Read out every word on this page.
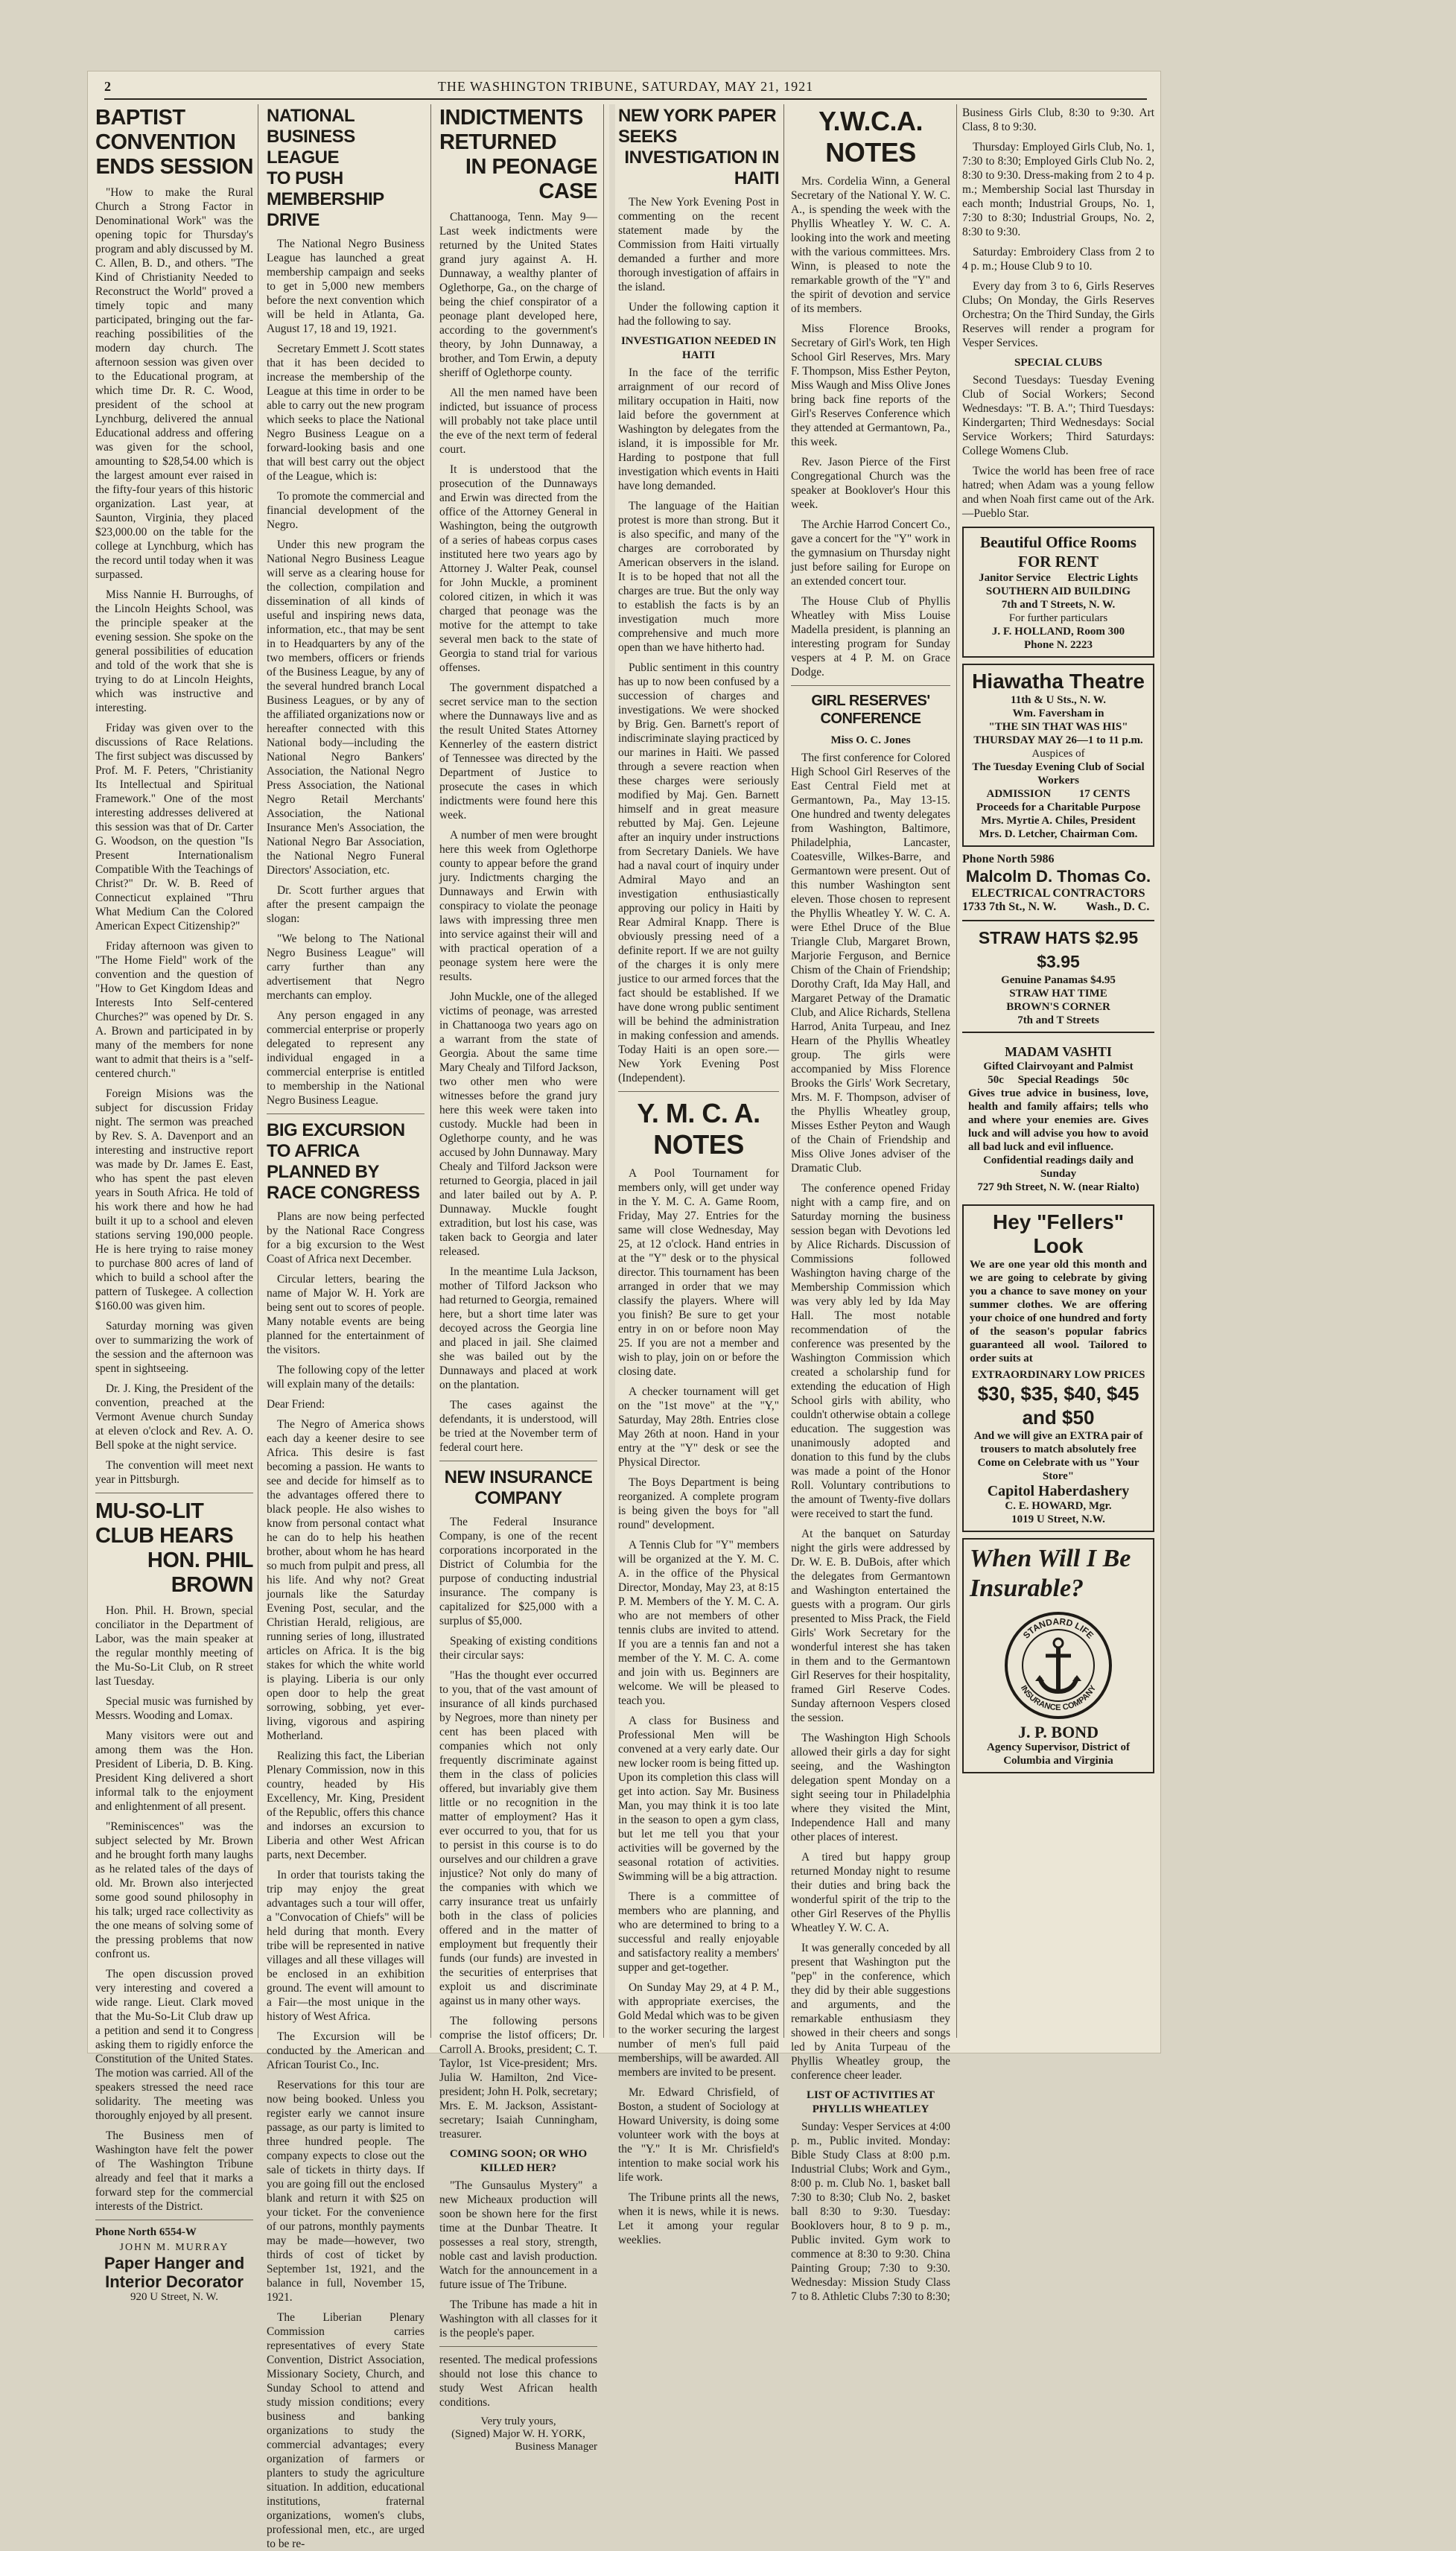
2	THE WASHINGTON TRIBUNE, SATURDAY, MAY 21, 1921
BAPTIST CONVENTION
ENDS SESSION

"How to make the Rural Church a Strong Factor in Denominational Work" was the opening topic for Thursday's program and ably discussed by M. C. Allen, B. D., and others. "The Kind of Christianity Needed to Reconstruct the World" proved a timely topic and many participated, bringing out the far-reaching possibilities of the modern day church. The afternoon session was given over to the Educational program, at which time Dr. R. C. Wood, president of the school at Lynchburg, delivered the annual Educational address and offering was given for the school, amounting to $28,54.00 which is the largest amount ever raised in the fifty-four years of this historic organization. Last year, at Saunton, Virginia, they placed $23,000.00 on the table for the college at Lynchburg, which has the record until today when it was surpassed.

Miss Nannie H. Burroughs, of the Lincoln Heights School, was the principle speaker at the evening session. She spoke on the general possibilities of education and told of the work that she is trying to do at Lincoln Heights, which was instructive and interesting.

Friday was given over to the discussions of Race Relations. The first subject was discussed by Prof. M. F. Peters, "Christianity Its Intellectual and Spiritual Framework." One of the most interesting addresses delivered at this session was that of Dr. Carter G. Woodson, on the question "Is Present Internationalism Compatible With the Teachings of Christ?" Dr. W. B. Reed of Connecticut explained "Thru What Medium Can the Colored American Expect Citizenship?"

Friday afternoon was given to "The Home Field" work of the convention and the question of "How to Get Kingdom Ideas and Interests Into Self-centered Churches?" was opened by Dr. S. A. Brown and participated in by many of the members for none want to admit that theirs is a "self-centered church."

Foreign Misions was the subject for discussion Friday night. The sermon was preached by Rev. S. A. Davenport and an interesting and instructive report was made by Dr. James E. East, who has spent the past eleven years in South Africa. He told of his work there and how he had built it up to a school and eleven stations serving 190,000 people. He is here trying to raise money to purchase 800 acres of land of which to build a school after the pattern of Tuskegee. A collection $160.00 was given him.

Saturday morning was given over to summarizing the work of the session and the afternoon was spent in sightseeing.

Dr. J. King, the President of the convention, preached at the Vermont Avenue church Sunday at eleven o'clock and Rev. A. O. Bell spoke at the night service.

The convention will meet next year in Pittsburgh.

MU-SO-LIT CLUB HEARS
HON. PHIL BROWN

Hon. Phil. H. Brown, special conciliator in the Department of Labor, was the main speaker at the regular monthly meeting of the Mu-So-Lit Club, on R street last Tuesday.

Special music was furnished by Messrs. Wooding and Lomax.

Many visitors were out and among them was the Hon. President of Liberia, D. B. King. President King delivered a short informal talk to the enjoyment and enlightenment of all present.

"Reminiscences" was the subject selected by Mr. Brown and he brought forth many laughs as he related tales of the days of old. Mr. Brown also interjected some good sound philosophy in his talk; urged race collectivity as the one means of solving some of the pressing problems that now confront us.

The open discussion proved very interesting and covered a wide range. Lieut. Clark moved that the Mu-So-Lit Club draw up a petition and send it to Congress asking them to rigidly enforce the Constitution of the United States. The motion was carried. All of the speakers stressed the need race solidarity. The meeting was thoroughly enjoyed by all present.

The Business men of Washington have felt the power of The Washington Tribune already and feel that it marks a forward step for the commercial interests of the District.

Phone North 6554-W
JOHN M. MURRAY
Paper Hanger and Interior Decorator
920 U Street, N. W.
NATIONAL BUSINESS LEAGUE
TO PUSH MEMBERSHIP DRIVE

The National Negro Business League has launched a great membership campaign and seeks to get in 5,000 new members before the next convention which will be held in Atlanta, Ga. August 17, 18 and 19, 1921.

Secretary Emmett J. Scott states that it has been decided to increase the membership of the League at this time in order to be able to carry out the new program which seeks to place the National Negro Business League on a forward-looking basis and one that will best carry out the object of the League, which is:

To promote the commercial and financial development of the Negro.

Under this new program the National Negro Business League will serve as a clearing house for the collection, compilation and dissemination of all kinds of useful and inspiring news data, information, etc., that may be sent in to Headquarters by any of the two members, officers or friends of the Business League, by any of the several hundred branch Local Business Leagues, or by any of the affiliated organizations now or hereafter connected with this National body—including the National Negro Bankers' Association, the National Negro Press Association, the National Negro Retail Merchants' Association, the National Insurance Men's Association, the National Negro Bar Association, the National Negro Funeral Directors' Association, etc.

Dr. Scott further argues that after the present campaign the slogan:

"We belong to The National Negro Business League" will carry further than any advertisement that Negro merchants can employ.

Any person engaged in any commercial enterprise or properly delegated to represent any individual engaged in a commercial enterprise is entitled to membership in the National Negro Business League.

BIG EXCURSION TO AFRICA
PLANNED BY RACE CONGRESS

Plans are now being perfected by the National Race Congress for a big excursion to the West Coast of Africa next December.

Circular letters, bearing the name of Major W. H. York are being sent out to scores of people. Many notable events are being planned for the entertainment of the visitors.

The following copy of the letter will explain many of the details:

Dear Friend:

The Negro of America shows each day a keener desire to see Africa. This desire is fast becoming a passion. He wants to see and decide for himself as to the advantages offered there to black people. He also wishes to know from personal contact what he can do to help his heathen brother, about whom he has heard so much from pulpit and press, all his life. And why not? Great journals like the Saturday Evening Post, secular, and the Christian Herald, religious, are running series of long, illustrated articles on Africa. It is the big stakes for which the white world is playing. Liberia is our only open door to help the great sorrowing, sobbing, yet ever-living, vigorous and aspiring Motherland.

Realizing this fact, the Liberian Plenary Commission, now in this country, headed by His Excellency, Mr. King, President of the Republic, offers this chance and indorses an excursion to Liberia and other West African parts, next December.

In order that tourists taking the trip may enjoy the great advantages such a tour will offer, a "Convocation of Chiefs" will be held during that month. Every tribe will be represented in native villages and all these villages will be enclosed in an exhibition ground. The event will amount to a Fair—the most unique in the history of West Africa.

The Excursion will be conducted by the American and African Tourist Co., Inc.

Reservations for this tour are now being booked. Unless you register early we cannot insure passage, as our party is limited to three hundred people. The company expects to close out the sale of tickets in thirty days. If you are going fill out the enclosed blank and return it with $25 on your ticket. For the convenience of our patrons, monthly payments may be made—however, two thirds of cost of ticket by September 1st, 1921, and the balance in full, November 15, 1921.

The Liberian Plenary Commission carries representatives of every State Convention, District Association, Missionary Society, Church, and Sunday School to attend and study mission conditions; every business and banking organizations to study the commercial advantages; every organization of farmers or planters to study the agriculture situation. In addition, educational institutions, fraternal organizations, women's clubs, professional men, etc., are urged to be re-

INDICTMENTS RETURNED
IN PEONAGE CASE

Chattanooga, Tenn. May 9—Last week indictments were returned by the United States grand jury against A. H. Dunnaway, a wealthy planter of Oglethorpe, Ga., on the charge of being the chief conspirator of a peonage plant developed here, according to the government's theory, by John Dunnaway, a brother, and Tom Erwin, a deputy sheriff of Oglethorpe county.

All the men named have been indicted, but issuance of process will probably not take place until the eve of the next term of federal court.

It is understood that the prosecution of the Dunnaways and Erwin was directed from the office of the Attorney General in Washington, being the outgrowth of a series of habeas corpus cases instituted here two years ago by Attorney J. Walter Peak, counsel for John Muckle, a prominent colored citizen, in which it was charged that peonage was the motive for the attempt to take several men back to the state of Georgia to stand trial for various offenses.

The government dispatched a secret service man to the section where the Dunnaways live and as the result United States Attorney Kennerley of the eastern district of Tennessee was directed by the Department of Justice to prosecute the cases in which indictments were found here this week.

A number of men were brought here this week from Oglethorpe county to appear before the grand jury. Indictments charging the Dunnaways and Erwin with conspiracy to violate the peonage laws with impressing three men into service against their will and with practical operation of a peonage system here were the results.

John Muckle, one of the alleged victims of peonage, was arrested in Chattanooga two years ago on a warrant from the state of Georgia. About the same time Mary Chealy and Tilford Jackson, two other men who were witnesses before the grand jury here this week were taken into custody. Muckle had been in Oglethorpe county, and he was accused by John Dunnaway. Mary Chealy and Tilford Jackson were returned to Georgia, placed in jail and later bailed out by A. P. Dunnaway. Muckle fought extradition, but lost his case, was taken back to Georgia and later released.

In the meantime Lula Jackson, mother of Tilford Jackson who had returned to Georgia, remained here, but a short time later was decoyed across the Georgia line and placed in jail. She claimed she was bailed out by the Dunnaways and placed at work on the plantation.

The cases against the defendants, it is understood, will be tried at the November term of federal court here.

NEW INSURANCE COMPANY

The Federal Insurance Company, is one of the recent corporations incorporated in the District of Columbia for the purpose of conducting industrial insurance. The company is capitalized for $25,000 with a surplus of $5,000.

Speaking of existing conditions their circular says:

"Has the thought ever occurred to you, that of the vast amount of insurance of all kinds purchased by Negroes, more than ninety per cent has been placed with companies which not only frequently discriminate against them in the class of policies offered, but invariably give them little or no recognition in the matter of employment? Has it ever occurred to you, that for us to persist in this course is to do ourselves and our children a grave injustice? Not only do many of the companies with which we carry insurance treat us unfairly both in the class of policies offered and in the matter of employment but frequently their funds (our funds) are invested in the securities of enterprises that exploit us and discriminate against us in many other ways.

The following persons comprise the listof officers; Dr. Carroll A. Brooks, president; C. T. Taylor, 1st Vice-president; Mrs. Julia W. Hamilton, 2nd Vice-president; John H. Polk, secretary; Mrs. E. M. Jackson, Assistant-secretary; Isaiah Cunningham, treasurer.

COMING SOON; OR WHO KILLED HER?

"The Gunsaulus Mystery" a new Micheaux production will soon be shown here for the first time at the Dunbar Theatre. It possesses a real story, strength, noble cast and lavish production. Watch for the announcement in a future issue of The Tribune.

The Tribune has made a hit in Washington with all classes for it is the people's paper.

resented. The medical professions should not lose this chance to study West African health conditions.

Very truly yours,
(Signed) Major W. H. YORK,
Business Manager
NEW YORK PAPER SEEKS

INVESTIGATION IN HAITI

The New York Evening Post in commenting on the recent statement made by the Commission from Haiti virtually demanded a further and more thorough investigation of affairs in the island.

Under the following caption it had the following to say.

INVESTIGATION NEEDED IN HAITI

In the face of the terrific arraignment of our record of military occupation in Haiti, now laid before the government at Washington by delegates from the island, it is impossible for Mr. Harding to postpone that full investigation which events in Haiti have long demanded.

The language of the Haitian protest is more than strong. But it is also specific, and many of the charges are corroborated by American observers in the island. It is to be hoped that not all the charges are true. But the only way to establish the facts is by an investigation much more comprehensive and much more open than we have hitherto had.

Public sentiment in this country has up to now been confused by a succession of charges and investigations. We were shocked by Brig. Gen. Barnett's report of indiscriminate slaying practiced by our marines in Haiti. We passed through a severe reaction when these charges were seriously modified by Maj. Gen. Barnett himself and in great measure rebutted by Maj. Gen. Lejeune after an inquiry under instructions from Secretary Daniels. We have had a naval court of inquiry under Admiral Mayo and an investigation enthusiastically approving our policy in Haiti by Rear Admiral Knapp. There is obviously pressing need of a definite report. If we are not guilty of the charges it is only mere justice to our armed forces that the fact should be established. If we have done wrong public sentiment will be behind the administration in making confession and amends. Today Haiti is an open sore.—New York Evening Post (Independent).

Y. M. C. A. NOTES

A Pool Tournament for members only, will get under way in the Y. M. C. A. Game Room, Friday, May 27. Entries for the same will close Wednesday, May 25, at 12 o'clock. Hand entries in at the "Y" desk or to the physical director. This tournament has been arranged in order that we may classify the players. Where will you finish? Be sure to get your entry in on or before noon May 25. If you are not a member and wish to play, join on or before the closing date.

A checker tournament will get on the "1st move" at the "Y," Saturday, May 28th. Entries close May 26th at noon. Hand in your entry at the "Y" desk or see the Physical Director.

The Boys Department is being reorganized. A complete program is being given the boys for "all round" development.

A Tennis Club for "Y" members will be organized at the Y. M. C. A. in the office of the Physical Director, Monday, May 23, at 8:15 P. M. Members of the Y. M. C. A. who are not members of other tennis clubs are invited to attend. If you are a tennis fan and not a member of the Y. M. C. A. come and join with us. Beginners are welcome. We will be pleased to teach you.

A class for Business and Professional Men will be convened at a very early date. Our new locker room is being fitted up. Upon its completion this class will get into action. Say Mr. Business Man, you may think it is too late in the season to open a gym class, but let me tell you that your activities will be governed by the seasonal rotation of activities. Swimming will be a big attraction.

There is a committee of members who are planning, and who are determined to bring to a successful and really enjoyable and satisfactory reality a members' supper and get-together.

On Sunday May 29, at 4 P. M., with appropriate exercises, the Gold Medal which was to be given to the worker securing the largest number of men's full paid memberships, will be awarded. All members are invited to be present.

Mr. Edward Chrisfield, of Boston, a student of Sociology at Howard University, is doing some volunteer work with the boys at the "Y." It is Mr. Chrisfield's intention to make social work his life work.

The Tribune prints all the news, when it is news, while it is news. Let it among your regular weeklies.

Y.W.C.A. NOTES

Mrs. Cordelia Winn, a General Secretary of the National Y. W. C. A., is spending the week with the Phyllis Wheatley Y. W. C. A. looking into the work and meeting with the various committees. Mrs. Winn, is pleased to note the remarkable growth of the "Y" and the spirit of devotion and service of its members.

Miss Florence Brooks, Secretary of Girl's Work, ten High School Girl Reserves, Mrs. Mary F. Thompson, Miss Esther Peyton, Miss Waugh and Miss Olive Jones bring back fine reports of the Girl's Reserves Conference which they attended at Germantown, Pa., this week.

Rev. Jason Pierce of the First Congregational Church was the speaker at Booklover's Hour this week.

The Archie Harrod Concert Co., gave a concert for the "Y" work in the gymnasium on Thursday night just before sailing for Europe on an extended concert tour.

The House Club of Phyllis Wheatley with Miss Louise Madella president, is planning an interesting program for Sunday vespers at 4 P. M. on Grace Dodge.

GIRL RESERVES' CONFERENCE
Miss O. C. Jones

The first conference for Colored High School Girl Reserves of the East Central Field met at Germantown, Pa., May 13-15. One hundred and twenty delegates from Washington, Baltimore, Philadelphia, Lancaster, Coatesville, Wilkes-Barre, and Germantown were present. Out of this number Washington sent eleven. Those chosen to represent the Phyllis Wheatley Y. W. C. A. were Ethel Druce of the Blue Triangle Club, Margaret Brown, Marjorie Ferguson, and Bernice Chism of the Chain of Friendship; Dorothy Craft, Ida May Hall, and Margaret Petway of the Dramatic Club, and Alice Richards, Stellena Harrod, Anita Turpeau, and Inez Hearn of the Phyllis Wheatley group. The girls were accompanied by Miss Florence Brooks the Girls' Work Secretary, Mrs. M. F. Thompson, adviser of the Phyllis Wheatley group, Misses Esther Peyton and Waugh of the Chain of Friendship and Miss Olive Jones adviser of the Dramatic Club.

The conference opened Friday night with a camp fire, and on Saturday morning the business session began with Devotions led by Alice Richards. Discussion of Commissions followed Washington having charge of the Membership Commission which was very ably led by Ida May Hall. The most notable recommendation of the conference was presented by the Washington Commission which created a scholarship fund for extending the education of High School girls with ability, who couldn't otherwise obtain a college education. The suggestion was unanimously adopted and donation to this fund by the clubs was made a point of the Honor Roll. Voluntary contributions to the amount of Twenty-five dollars were received to start the fund.

At the banquet on Saturday night the girls were addressed by Dr. W. E. B. DuBois, after which the delegates from Germantown and Washington entertained the guests with a program. Our girls presented to Miss Prack, the Field Girls' Work Secretary for the wonderful interest she has taken in them and to the Germantown Girl Reserves for their hospitality, framed Girl Reserve Codes. Sunday afternoon Vespers closed the session.

The Washington High Schools allowed their girls a day for sight seeing, and the Washington delegation spent Monday on a sight seeing tour in Philadelphia where they visited the Mint, Independence Hall and many other places of interest.

A tired but happy group returned Monday night to resume their duties and bring back the wonderful spirit of the trip to the other Girl Reserves of the Phyllis Wheatley Y. W. C. A.

It was generally conceded by all present that Washington put the "pep" in the conference, which they did by their able suggestions and arguments, and the remarkable enthusiasm they showed in their cheers and songs led by Anita Turpeau of the Phyllis Wheatley group, the conference cheer leader.

LIST OF ACTIVITIES AT PHYLLIS WHEATLEY

Sunday: Vesper Services at 4:00 p. m., Public invited. Monday: Bible Study Class at 8:00 p.m. Industrial Clubs; Work and Gym., 8:00 p. m. Club No. 1, basket ball 7:30 to 8:30; Club No. 2, basket ball 8:30 to 9:30. Tuesday: Booklovers hour, 8 to 9 p. m., Public invited. Gym work to commence at 8:30 to 9:30. China Painting Group; 7:30 to 9:30. Wednesday: Mission Study Class 7 to 8. Athletic Clubs 7:30 to 8:30;

Business Girls Club, 8:30 to 9:30. Art Class, 8 to 9:30.

Thursday: Employed Girls Club, No. 1, 7:30 to 8:30; Employed Girls Club No. 2, 8:30 to 9:30. Dress-making from 2 to 4 p. m.; Membership Social last Thursday in each month; Industrial Groups, No. 1, 7:30 to 8:30; Industrial Groups, No. 2, 8:30 to 9:30.

Saturday: Embroidery Class from 2 to 4 p. m.; House Club 9 to 10.

Every day from 3 to 6, Girls Reserves Clubs; On Monday, the Girls Reserves Orchestra; On the Third Sunday, the Girls Reserves will render a program for Vesper Services.

SPECIAL CLUBS

Second Tuesdays: Tuesday Evening Club of Social Workers; Second Wednesdays: "T. B. A."; Third Tuesdays: Kindergarten; Third Wednesdays: Social Service Workers; Third Saturdays: College Womens Club.

Twice the world has been free of race hatred; when Adam was a young fellow and when Noah first came out of the Ark.—Pueblo Star.

Beautiful Office Rooms FOR RENT
Janitor Service      Electric Lights
SOUTHERN AID BUILDING
7th and T Streets, N. W.
For further particulars
J. F. HOLLAND, Room 300
Phone N. 2223
Hiawatha Theatre
11th & U Sts., N. W.
Wm. Faversham in
"THE SIN THAT WAS HIS"
THURSDAY MAY 26—1 to 11 p.m.
Auspices of
The Tuesday Evening Club of Social Workers
ADMISSION          17 CENTS
Proceeds for a Charitable Purpose
Mrs. Myrtie A. Chiles, President
Mrs. D. Letcher, Chairman Com.
Phone North 5986
Malcolm D. Thomas Co.
ELECTRICAL CONTRACTORS
1733 7th St., N. W.          Wash., D. C.
STRAW HATS $2.95 $3.95
Genuine Panamas $4.95
STRAW HAT TIME
BROWN'S CORNER
7th and T Streets
MADAM VASHTI
Gifted Clairvoyant and Palmist
50c     Special Readings     50c
Gives true advice in business, love, health and family affairs; tells who and where your enemies are. Gives luck and will advise you how to avoid all bad luck and evil influence.
Confidential readings daily and Sunday
727 9th Street, N. W. (near Rialto)
Hey "Fellers" Look
We are one year old this month and we are going to celebrate by giving you a chance to save money on your summer clothes. We are offering your choice of one hundred and forty of the season's popular fabrics guaranteed all wool. Tailored to order suits at
EXTRAORDINARY LOW PRICES
$30, $35, $40, $45 and $50
And we will give an EXTRA pair of trousers to match absolutely free
Come on Celebrate with us "Your Store"
Capitol Haberdashery
C. E. HOWARD, Mgr.
1019 U Street, N.W.
When Will I Be Insurable?
STANDARD LIFE
INSURANCE COMPANY
J. P. BOND
Agency Supervisor, District of Columbia and Virginia
